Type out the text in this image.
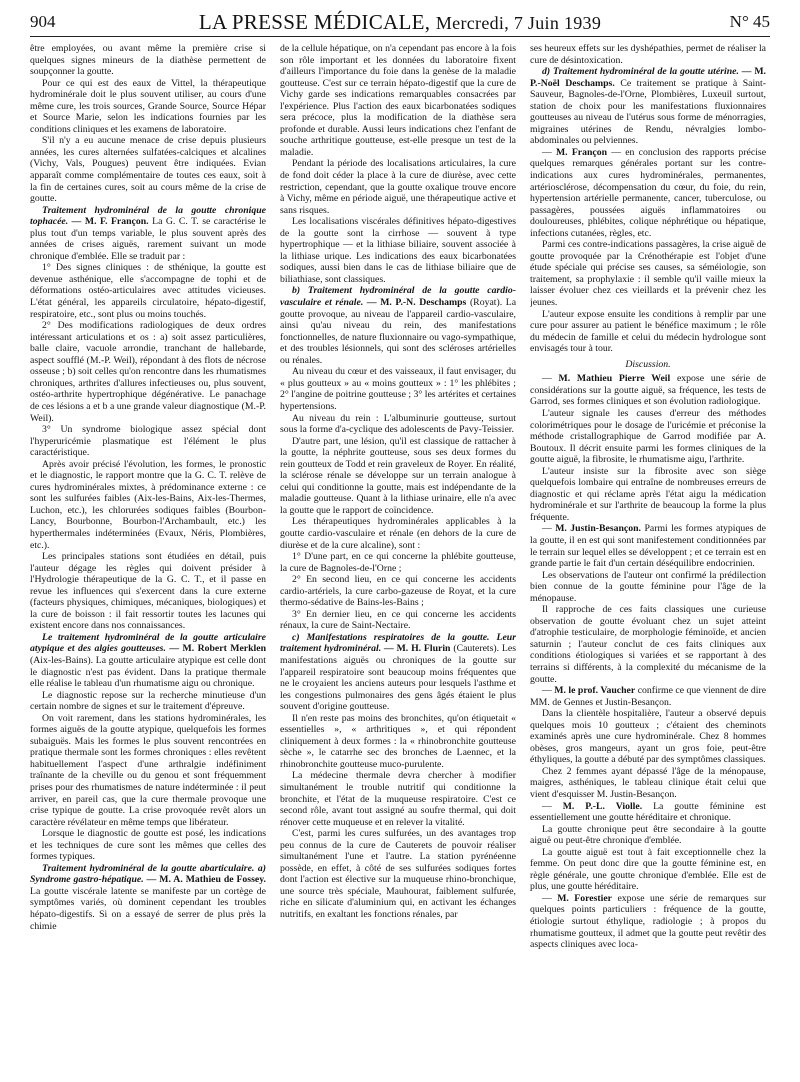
904	LA PRESSE MÉDICALE, Mercredi, 7 Juin 1939	N° 45

être employées, ou avant même la première crise si quelques signes mineurs de la diathèse permettent de soupçonner la goutte.

Pour ce qui est des eaux de Vittel, la thérapeutique hydrominérale doit le plus souvent utiliser, au cours d'une même cure, les trois sources, Grande Source, Source Hépar et Source Marie, selon les indications fournies par les conditions cliniques et les examens de laboratoire.

S'il n'y a eu aucune menace de crise depuis plusieurs années, les cures alternées sulfatées-calciques et alcalines (Vichy, Vals, Pougues) peuvent être indiquées. Evian apparaît comme complémentaire de toutes ces eaux, soit à la fin de certaines cures, soit au cours même de la crise de goutte.

Traitement hydrominéral de la goutte chronique tophacée. — M. F. Françon. La G. C. T. se caractérise le plus tout d'un temps variable, le plus souvent après des années de crises aiguës, rarement suivant un mode chronique d'emblée. Elle se traduit par :

1° Des signes cliniques : de sthénique, la goutte est devenue asthénique, elle s'accompagne de tophi et de déformations ostéo-articulaires avec attitudes vicieuses. L'état général, les appareils circulatoire, hépato-digestif, respiratoire, etc., sont plus ou moins touchés.

2° Des modifications radiologiques de deux ordres intéressant articulations et os : a) soit assez particulières, balle claire, vacuole arrondie, tranchant de hallebarde, aspect soufflé (M.-P. Weil), répondant à des flots de nécrose osseuse ; b) soit celles qu'on rencontre dans les rhumatismes chroniques, arthrites d'allures infectieuses ou, plus souvent, ostéo-arthrite hypertrophique dégénérative. Le panachage de ces lésions a et b a une grande valeur diagnostique (M.-P. Weil).

3° Un syndrome biologique assez spécial dont l'hyperuricémie plasmatique est l'élément le plus caractéristique.

Après avoir précisé l'évolution, les formes, le pronostic et le diagnostic, le rapport montre que la G. C. T. relève de cures hydrominérales mixtes, à prédominance externe : ce sont les sulfurées faibles (Aix-les-Bains, Aix-les-Thermes, Luchon, etc.), les chlorurées sodiques faibles (Bourbon-Lancy, Bourbonne, Bourbon-l'Archambault, etc.) les hyperthermales indéterminées (Evaux, Néris, Plombières, etc.).

Les principales stations sont étudiées en détail, puis l'auteur dégage les règles qui doivent présider à l'Hydrologie thérapeutique de la G. C. T., et il passe en revue les influences qui s'exercent dans la cure externe (facteurs physiques, chimiques, mécaniques, biologiques) et la cure de boisson : il fait ressortir toutes les lacunes qui existent encore dans nos connaissances.

Le traitement hydrominéral de la goutte articulaire atypique et des algies goutteuses. — M. Robert Merklen (Aix-les-Bains). La goutte articulaire atypique est celle dont le diagnostic n'est pas évident. Dans la pratique thermale elle réalise le tableau d'un rhumatisme aigu ou chronique.

Le diagnostic repose sur la recherche minutieuse d'un certain nombre de signes et sur le traitement d'épreuve.

On voit rarement, dans les stations hydrominérales, les formes aiguës de la goutte atypique, quelquefois les formes subaiguës. Mais les formes le plus souvent rencontrées en pratique thermale sont les formes chroniques : elles revêtent habituellement l'aspect d'une arthralgie indéfiniment traînante de la cheville ou du genou et sont fréquemment prises pour des rhumatismes de nature indéterminée : il peut arriver, en pareil cas, que la cure thermale provoque une crise typique de goutte. La crise provoquée revêt alors un caractère révélateur en même temps que libérateur.

Lorsque le diagnostic de goutte est posé, les indications et les techniques de cure sont les mêmes que celles des formes typiques.

Traitement hydrominéral de la goutte abarticulaire. a) Syndrome gastro-hépatique. — M. A. Mathieu de Fossey. La goutte viscérale latente se manifeste par un cortège de symptômes variés, où dominent cependant les troubles hépato-digestifs. Si on a essayé de serrer de plus près la chimie

de la cellule hépatique, on n'a cependant pas encore à la fois son rôle important et les données du laboratoire fixent d'ailleurs l'importance du foie dans la genèse de la maladie goutteuse. C'est sur ce terrain hépato-digestif que la cure de Vichy garde ses indications remarquables consacrées par l'expérience. Plus l'action des eaux bicarbonatées sodiques sera précoce, plus la modification de la diathèse sera profonde et durable. Aussi leurs indications chez l'enfant de souche arthritique goutteuse, est-elle presque un test de la maladie.

Pendant la période des localisations articulaires, la cure de fond doit céder la place à la cure de diurèse, avec cette restriction, cependant, que la goutte oxalique trouve encore à Vichy, même en période aiguë, une thérapeutique active et sans risques.

Les localisations viscérales définitives hépato-digestives de la goutte sont la cirrhose — souvent à type hypertrophique — et la lithiase biliaire, souvent associée à la lithiase urique. Les indications des eaux bicarbonatées sodiques, aussi bien dans le cas de lithiase biliaire que de biliathiase, sont classiques.

b) Traitement hydrominéral de la goutte cardio-vasculaire et rénale. — M. P.-N. Deschamps (Royat). La goutte provoque, au niveau de l'appareil cardio-vasculaire, ainsi qu'au niveau du rein, des manifestations fonctionnelles, de nature fluxionnaire ou vago-sympathique, et des troubles lésionnels, qui sont des scléroses artérielles ou rénales.

Au niveau du cœur et des vaisseaux, il faut envisager, du « plus goutteux » au « moins goutteux » : 1° les phlébites ; 2° l'angine de poitrine goutteuse ; 3° les artérites et certaines hypertensions.

Au niveau du rein : L'albuminurie goutteuse, surtout sous la forme d'a-cyclique des adolescents de Pavy-Teissier.

D'autre part, une lésion, qu'il est classique de rattacher à la goutte, la néphrite goutteuse, sous ses deux formes du rein goutteux de Todd et rein graveleux de Royer. En réalité, la sclérose rénale se développe sur un terrain analogue à celui qui conditionne la goutte, mais est indépendante de la maladie goutteuse. Quant à la lithiase urinaire, elle n'a avec la goutte que le rapport de coïncidence.

Les thérapeutiques hydrominérales applicables à la goutte cardio-vasculaire et rénale (en dehors de la cure de diurèse et de la cure alcaline), sont :

1° D'une part, en ce qui concerne la phlébite goutteuse, la cure de Bagnoles-de-l'Orne ;

2° En second lieu, en ce qui concerne les accidents cardio-artériels, la cure carbo-gazeuse de Royat, et la cure thermo-sédative de Bains-les-Bains ;

3° En dernier lieu, en ce qui concerne les accidents rénaux, la cure de Saint-Nectaire.

c) Manifestations respiratoires de la goutte. Leur traitement hydrominéral. — M. H. Flurin (Cauterets). Les manifestations aiguës ou chroniques de la goutte sur l'appareil respiratoire sont beaucoup moins fréquentes que ne le croyaient les anciens auteurs pour lesquels l'asthme et les congestions pulmonaires des gens âgés étaient le plus souvent d'origine goutteuse.

Il n'en reste pas moins des bronchites, qu'on étiquetait « essentielles », « arthritiques », et qui répondent cliniquement à deux formes : la « rhinobronchite goutteuse sèche », le catarrhe sec des bronches de Laennec, et la rhinobronchite goutteuse muco-purulente.

La médecine thermale devra chercher à modifier simultanément le trouble nutritif qui conditionne la bronchite, et l'état de la muqueuse respiratoire. C'est ce second rôle, avant tout assigné au soufre thermal, qui doit rénover cette muqueuse et en relever la vitalité.

C'est, parmi les cures sulfurées, un des avantages trop peu connus de la cure de Cauterets de pouvoir réaliser simultanément l'une et l'autre. La station pyrénéenne possède, en effet, à côté de ses sulfurées sodiques fortes dont l'action est élective sur la muqueuse rhino-bronchique, une source très spéciale, Mauhourat, faiblement sulfurée, riche en silicate d'aluminium qui, en activant les échanges nutritifs, en exaltant les fonctions rénales, par

ses heureux effets sur les dyshépathies, permet de réaliser la cure de désintoxication.

d) Traitement hydrominéral de la goutte utérine. — M. P.-Noël Deschamps. Ce traitement se pratique à Saint-Sauveur, Bagnoles-de-l'Orne, Plombières, Luxeuil surtout, station de choix pour les manifestations fluxionnaires goutteuses au niveau de l'utérus sous forme de ménorragies, migraines utérines de Rendu, névralgies lombo-abdominales ou pelviennes.

— M. Françon — en conclusion des rapports précise quelques remarques générales portant sur les contre-indications aux cures hydrominérales, permanentes, artériosclérose, décompensation du cœur, du foie, du rein, hypertension artérielle permanente, cancer, tuberculose, ou passagères, poussées aiguës inflammatoires ou douloureuses, phlébites, colique néphrétique ou hépatique, infections cutanées, règles, etc.

Parmi ces contre-indications passagères, la crise aiguë de goutte provoquée par la Crénothérapie est l'objet d'une étude spéciale qui précise ses causes, sa séméiologie, son traitement, sa prophylaxie : il semble qu'il vaille mieux la laisser évoluer chez ces vieillards et la prévenir chez les jeunes.

L'auteur expose ensuite les conditions à remplir par une cure pour assurer au patient le bénéfice maximum ; le rôle du médecin de famille et celui du médecin hydrologue sont envisagés tour à tour.

Discussion.

— M. Mathieu Pierre Weil expose une série de considérations sur la goutte aiguë, sa fréquence, les tests de Garrod, ses formes cliniques et son évolution radiologique.

L'auteur signale les causes d'erreur des méthodes colorimétriques pour le dosage de l'uricémie et préconise la méthode cristallographique de Garrod modifiée par A. Boutoux. Il décrit ensuite parmi les formes cliniques de la goutte aiguë, la fibrosite, le rhumatisme aigu, l'arthrite.

L'auteur insiste sur la fibrosite avec son siège quelquefois lombaire qui entraîne de nombreuses erreurs de diagnostic et qui réclame après l'état aigu la médication hydrominérale et sur l'arthrite de beaucoup la forme la plus fréquente.

— M. Justin-Besançon. Parmi les formes atypiques de la goutte, il en est qui sont manifestement conditionnées par le terrain sur lequel elles se développent ; et ce terrain est en grande partie le fait d'un certain déséquilibre endocrinien.

Les observations de l'auteur ont confirmé la prédilection bien connue de la goutte féminine pour l'âge de la ménopause.

Il rapproche de ces faits classiques une curieuse observation de goutte évoluant chez un sujet atteint d'atrophie testiculaire, de morphologie féminoïde, et ancien saturnin ; l'auteur conclut de ces faits cliniques aux conditions étiologiques si variées et se rapportant à des terrains si différents, à la complexité du mécanisme de la goutte.

— M. le prof. Vaucher confirme ce que viennent de dire MM. de Gennes et Justin-Besançon.

Dans la clientèle hospitalière, l'auteur a observé depuis quelques mois 10 goutteux ; c'étaient des cheminots examinés après une cure hydrominérale. Chez 8 hommes obèses, gros mangeurs, ayant un gros foie, peut-être éthyliques, la goutte a débuté par des symptômes classiques.

Chez 2 femmes ayant dépassé l'âge de la ménopause, maigres, asthéniques, le tableau clinique était celui que vient d'esquisser M. Justin-Besançon.

— M. P.-L. Violle. La goutte féminine est essentiellement une goutte héréditaire et chronique.

La goutte chronique peut être secondaire à la goutte aiguë ou peut-être chronique d'emblée.

La goutte aiguë est tout à fait exceptionnelle chez la femme. On peut donc dire que la goutte féminine est, en règle générale, une goutte chronique d'emblée. Elle est de plus, une goutte héréditaire.

— M. Forestier expose une série de remarques sur quelques points particuliers : fréquence de la goutte, étiologie surtout éthylique, radiologie ; à propos du rhumatisme goutteux, il admet que la goutte peut revêtir des aspects cliniques avec loca-
